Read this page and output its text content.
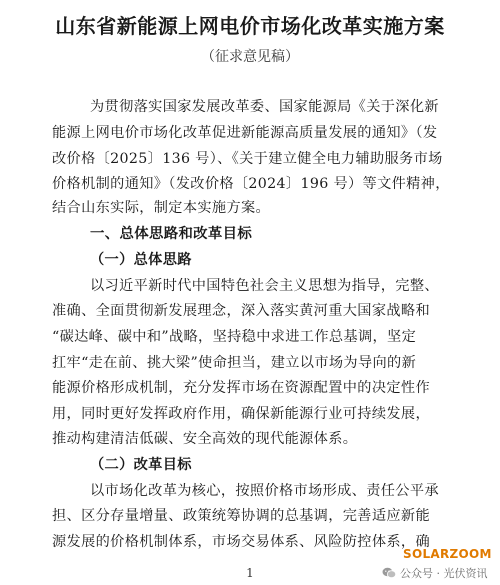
山东省新能源上网电价市场化改革实施方案
（征求意见稿）
为贯彻落实国家发展改革委、国家能源局《关于深化新
能源上网电价市场化改革促进新能源高质量发展的通知》（发
改价格〔2025〕136 号）、《关于建立健全电力辅助服务市场
价格机制的通知》（发改价格〔2024〕196 号）等文件精神，
结合山东实际，制定本实施方案。
一、总体思路和改革目标
（一）总体思路
以习近平新时代中国特色社会主义思想为指导，完整、
准确、全面贯彻新发展理念，深入落实黄河重大国家战略和
“碳达峰、碳中和”战略，坚持稳中求进工作总基调，坚定
扛牢“走在前、挑大梁”使命担当，建立以市场为导向的新
能源价格形成机制，充分发挥市场在资源配置中的决定性作
用，同时更好发挥政府作用，确保新能源行业可持续发展，
推动构建清洁低碳、安全高效的现代能源体系。
（二）改革目标
以市场化改革为核心，按照价格市场形成、责任公平承
担、区分存量增量、政策统筹协调的总基调，完善适应新能
源发展的价格机制体系，市场交易体系、风险防控体系，确
1
SOLARZOOM
公众号 · 光伏资讯
